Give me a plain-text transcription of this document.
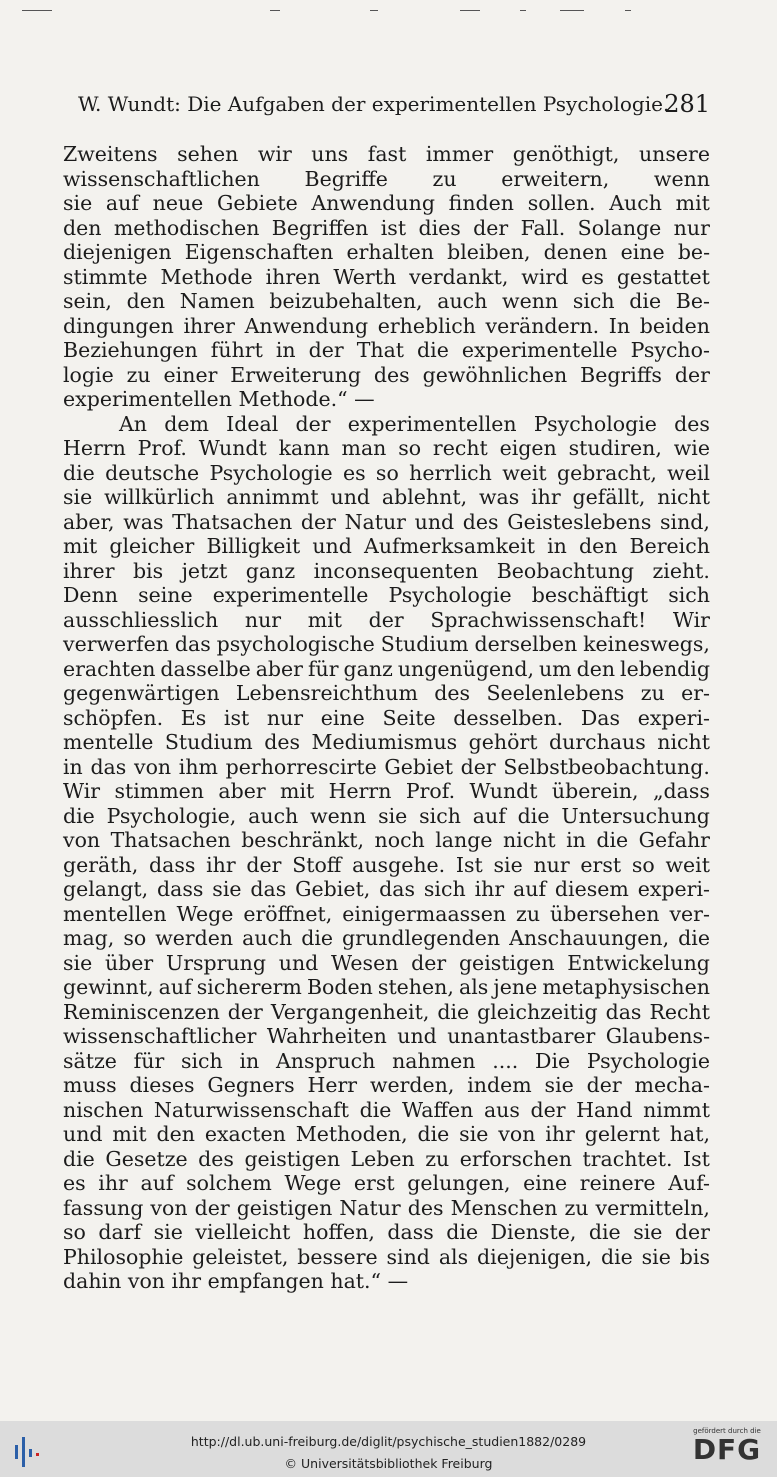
W. Wundt: Die Aufgaben der experimentellen Psychologie.
281
Zweitens sehen wir uns fast immer genöthigt, unsere
wissenschaftlichen Begriffe zu erweitern, wenn
sie auf neue Gebiete Anwendung finden sollen. Auch mit
den methodischen Begriffen ist dies der Fall. Solange nur
diejenigen Eigenschaften erhalten bleiben, denen eine be-
stimmte Methode ihren Werth verdankt, wird es gestattet
sein, den Namen beizubehalten, auch wenn sich die Be-
dingungen ihrer Anwendung erheblich verändern. In beiden
Beziehungen führt in der That die experimentelle Psycho-
logie zu einer Erweiterung des gewöhnlichen Begriffs der
experimentellen Methode.“ —
An dem Ideal der experimentellen Psychologie des
Herrn Prof. Wundt kann man so recht eigen studiren, wie
die deutsche Psychologie es so herrlich weit gebracht, weil
sie willkürlich annimmt und ablehnt, was ihr gefällt, nicht
aber, was Thatsachen der Natur und des Geisteslebens sind,
mit gleicher Billigkeit und Aufmerksamkeit in den Bereich
ihrer bis jetzt ganz inconsequenten Beobachtung zieht.
Denn seine experimentelle Psychologie beschäftigt sich
ausschliesslich nur mit der Sprachwissenschaft! Wir
verwerfen das psychologische Studium derselben keineswegs,
erachten dasselbe aber für ganz ungenügend, um den lebendig
gegenwärtigen Lebensreichthum des Seelenlebens zu er-
schöpfen. Es ist nur eine Seite desselben. Das experi-
mentelle Studium des Mediumismus gehört durchaus nicht
in das von ihm perhorrescirte Gebiet der Selbstbeobachtung.
Wir stimmen aber mit Herrn Prof. Wundt überein, „dass
die Psychologie, auch wenn sie sich auf die Untersuchung
von Thatsachen beschränkt, noch lange nicht in die Gefahr
geräth, dass ihr der Stoff ausgehe. Ist sie nur erst so weit
gelangt, dass sie das Gebiet, das sich ihr auf diesem experi-
mentellen Wege eröffnet, einigermaassen zu übersehen ver-
mag, so werden auch die grundlegenden Anschauungen, die
sie über Ursprung und Wesen der geistigen Entwickelung
gewinnt, auf sichererm Boden stehen, als jene metaphysischen
Reminiscenzen der Vergangenheit, die gleichzeitig das Recht
wissenschaftlicher Wahrheiten und unantastbarer Glaubens-
sätze für sich in Anspruch nahmen .... Die Psychologie
muss dieses Gegners Herr werden, indem sie der mecha-
nischen Naturwissenschaft die Waffen aus der Hand nimmt
und mit den exacten Methoden, die sie von ihr gelernt hat,
die Gesetze des geistigen Leben zu erforschen trachtet. Ist
es ihr auf solchem Wege erst gelungen, eine reinere Auf-
fassung von der geistigen Natur des Menschen zu vermitteln,
so darf sie vielleicht hoffen, dass die Dienste, die sie der
Philosophie geleistet, bessere sind als diejenigen, die sie bis
dahin von ihr empfangen hat.“ —
http://dl.ub.uni-freiburg.de/diglit/psychische_studien1882/0289
© Universitätsbibliothek Freiburg
gefördert durch die
DFG
